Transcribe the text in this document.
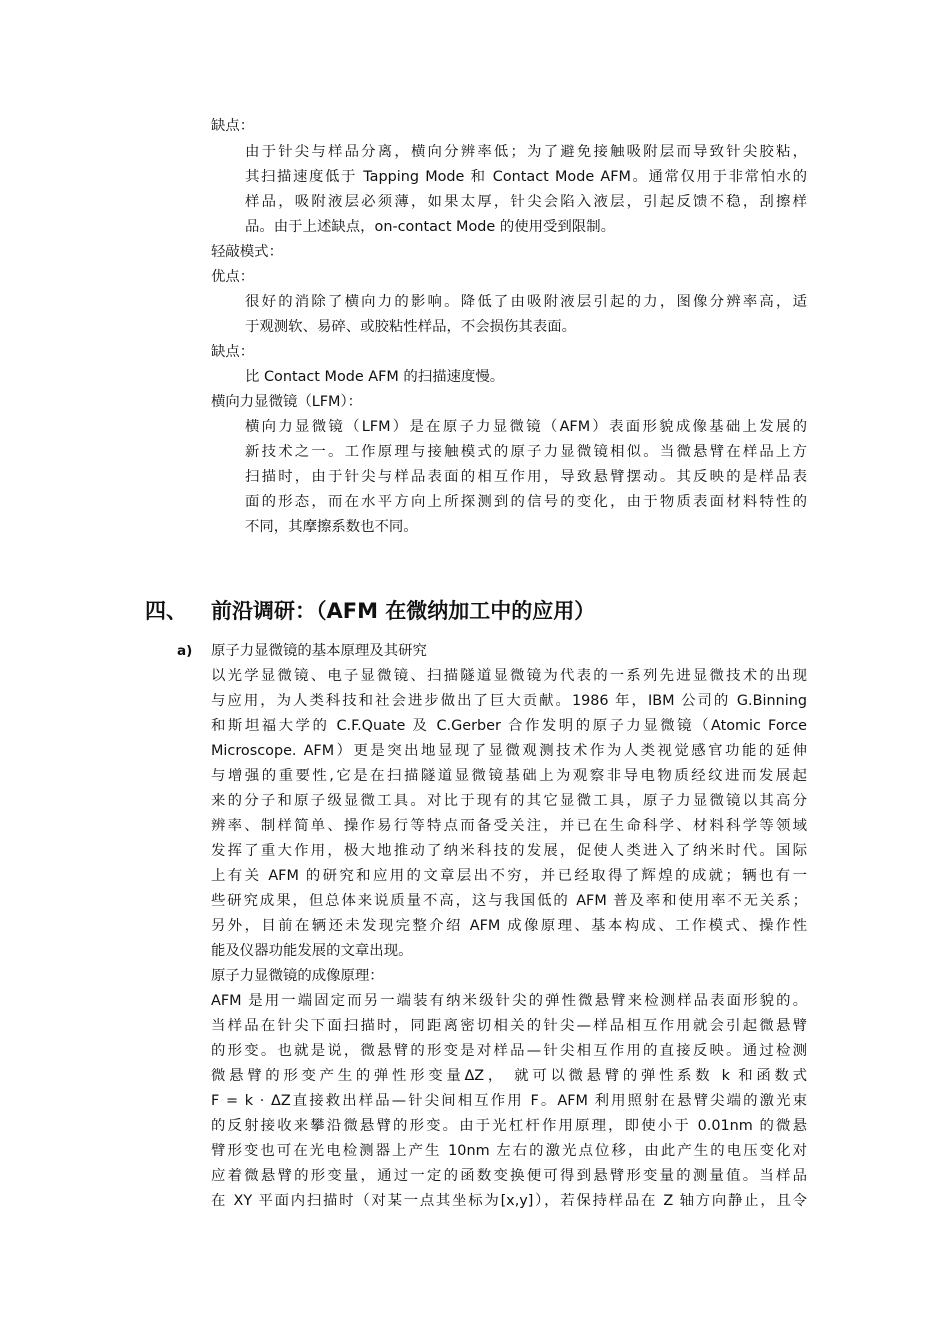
缺点：
由于针尖与样品分离，横向分辨率低；为了避免接触吸附层而导致针尖胶粘，
其扫描速度低于 Tapping Mode 和 Contact Mode AFM。通常仅用于非常怕水的
样品，吸附液层必须薄，如果太厚，针尖会陷入液层，引起反馈不稳，刮擦样
品。由于上述缺点，on-contact Mode 的使用受到限制。
轻敲模式：
优点：
很好的消除了横向力的影响。降低了由吸附液层引起的力，图像分辨率高，适
于观测软、易碎、或胶粘性样品，不会损伤其表面。
缺点：
比 Contact Mode AFM 的扫描速度慢。
横向力显微镜（LFM）：
横向力显微镜（LFM）是在原子力显微镜（AFM）表面形貌成像基础上发展的
新技术之一。工作原理与接触模式的原子力显微镜相似。当微悬臂在样品上方
扫描时，由于针尖与样品表面的相互作用，导致悬臂摆动。其反映的是样品表
面的形态，而在水平方向上所探测到的信号的变化，由于物质表面材料特性的
不同，其摩擦系数也不同。
四、 前沿调研：（AFM 在微纳加工中的应用）
a) 原子力显微镜的基本原理及其研究
以光学显微镜、电子显微镜、扫描隧道显微镜为代表的一系列先进显微技术的出现
与应用，为人类科技和社会进步做出了巨大贡献。1986 年，IBM 公司的 G.Binning
和斯坦福大学的 C.F.Quate 及 C.Gerber 合作发明的原子力显微镜（Atomic Force
Microscope. AFM）更是突出地显现了显微观测技术作为人类视觉感官功能的延伸
与增强的重要性,它是在扫描隧道显微镜基础上为观察非导电物质经纹进而发展起
来的分子和原子级显微工具。对比于现有的其它显微工具，原子力显微镜以其高分
辨率、制样简单、操作易行等特点而备受关注，并已在生命科学、材料科学等领域
发挥了重大作用，极大地推动了纳米科技的发展，促使人类进入了纳米时代。国际
上有关 AFM 的研究和应用的文章层出不穷，并已经取得了辉煌的成就；辆也有一
些研究成果，但总体来说质量不高，这与我国低的 AFM 普及率和使用率不无关系；
另外，目前在辆还未发现完整介绍 AFM 成像原理、基本构成、工作模式、操作性
能及仪器功能发展的文章出现。
原子力显微镜的成像原理：
AFM 是用一端固定而另一端装有纳米级针尖的弹性微悬臂来检测样品表面形貌的。
当样品在针尖下面扫描时，同距离密切相关的针尖—样品相互作用就会引起微悬臂
的形变。也就是说，微悬臂的形变是对样品—针尖相互作用的直接反映。通过检测
微悬臂的形变产生的弹性形变量ΔZ， 就可以微悬臂的弹性系数 k 和函数式
F = k · ΔZ直接救出样品—针尖间相互作用 F。AFM 利用照射在悬臂尖端的激光束
的反射接收来攀沿微悬臂的形变。由于光杠杆作用原理，即使小于 0.01nm 的微悬
臂形变也可在光电检测器上产生 10nm 左右的激光点位移，由此产生的电压变化对
应着微悬臂的形变量，通过一定的函数变换便可得到悬臂形变量的测量值。当样品
在 XY 平面内扫描时（对某一点其坐标为[x,y]），若保持样品在 Z 轴方向静止，且令
